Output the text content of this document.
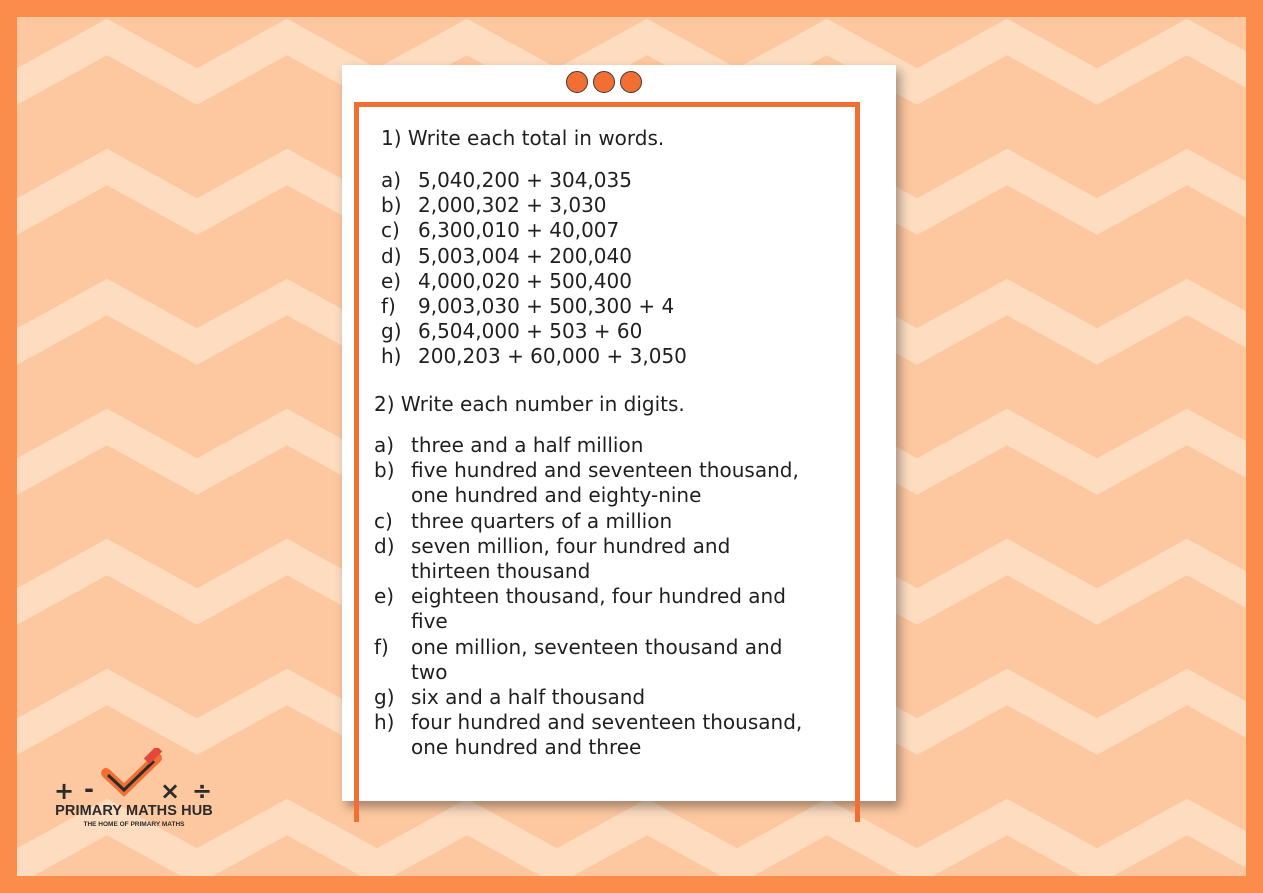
1) Write each total in words.
a) 5,040,200 + 304,035
b) 2,000,302 + 3,030
c) 6,300,010 + 40,007
d) 5,003,004 + 200,040
e) 4,000,020 + 500,400
f)	9,003,030 + 500,300 + 4
g) 6,504,000 + 503 + 60
h) 200,203 + 60,000 + 3,050
2) Write each number in digits.
a) three and a half million
b) five hundred and seventeen thousand, one hundred and eighty-nine
c) three quarters of a million
d) seven million, four hundred and thirteen thousand
e) eighteen thousand, four hundred and five
f)	one million, seventeen thousand and two
g) six and a half thousand
h) four hundred and seventeen thousand, one hundred and three
+ -	× ÷
PRIMARY MATHS HUB
THE HOME OF PRIMARY MATHS
